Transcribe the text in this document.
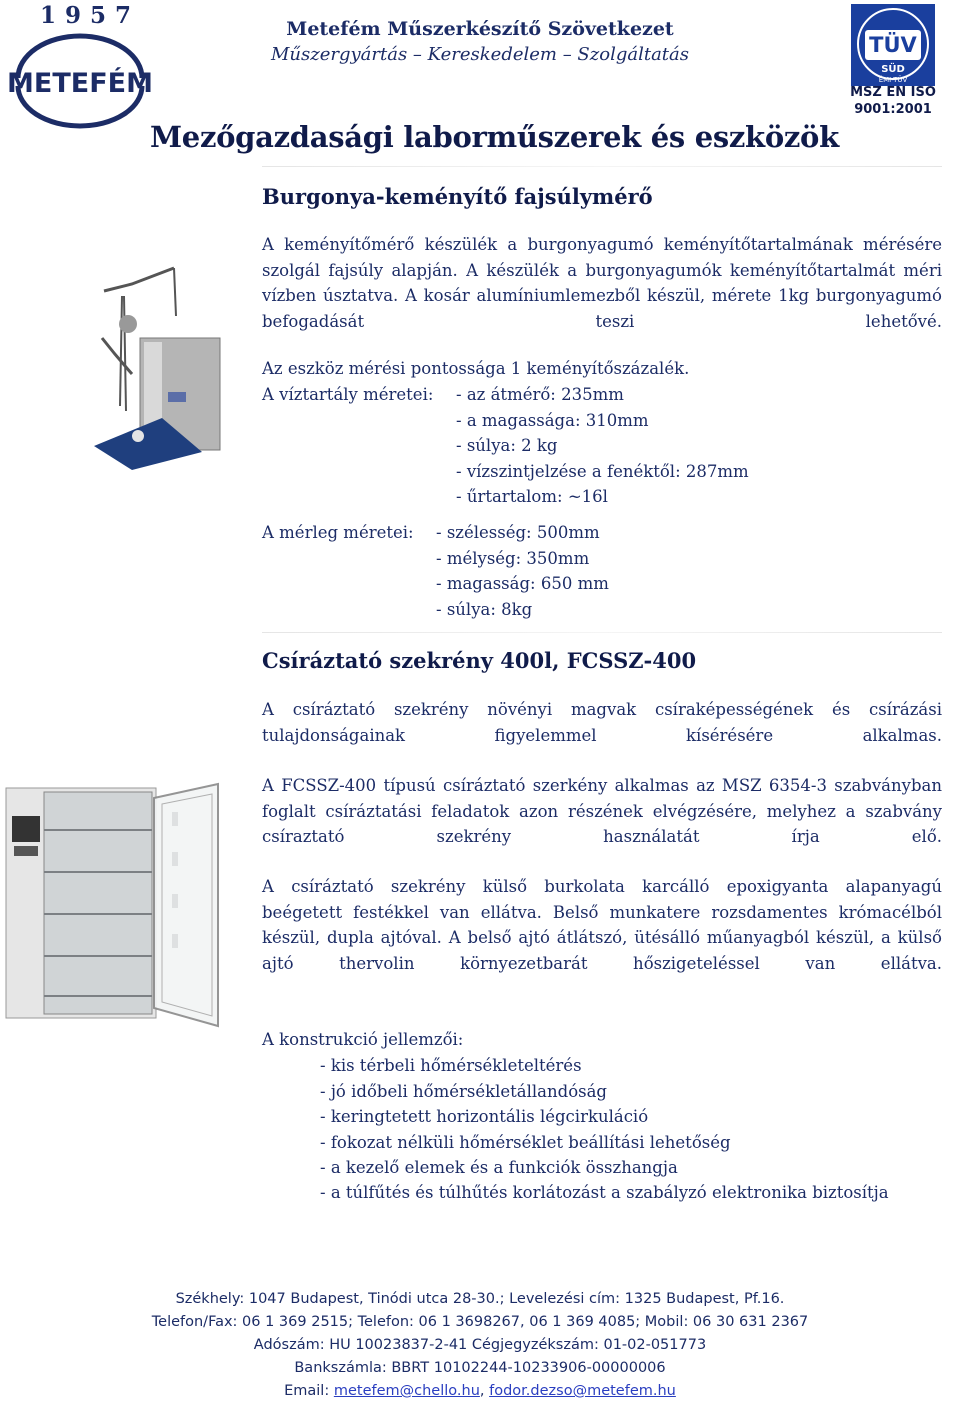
1957
METEFÉM
Metefém Műszerkészítő Szövetkezet
Műszergyártás – Kereskedelem – Szolgáltatás	TÜV
SÜD
ÉMI-TÜV
MSZ EN ISO
9001:2001
Mezőgazdasági laborműszerek és eszközök
Burgonya-keményítő fajsúlymérő
A keményítőmérő készülék a burgonyagumó keményítőtartalmának mérésére szolgál fajsúly alapján. A készülék a burgonyagumók keményítőtartalmát méri vízben úsztatva. A kosár alumíniumlemezből készül, mérete 1kg burgonyagumó befogadását teszi lehetővé.
Az eszköz mérési pontossága 1 keményítőszázalék.
A víztartály méretei: - az átmérő: 235mm
- a magassága: 310mm
- súlya: 2 kg
- vízszintjelzése a fenéktől: 287mm
- űrtartalom: ~16l
A mérleg méretei: - szélesség: 500mm
- mélység: 350mm
- magasság: 650 mm
- súlya: 8kg
Csíráztató szekrény 400l, FCSSZ-400
A csíráztató szekrény növényi magvak csíraképességének és csírázási tulajdonságainak figyelemmel kísérésére alkalmas.
A FCSSZ-400 típusú csíráztató szerkény alkalmas az MSZ 6354-3 szabványban foglalt csíráztatási feladatok azon részének elvégzésére, melyhez a szabvány csíraztató szekrény használatát írja elő.
A csíráztató szekrény külső burkolata karcálló epoxigyanta alapanyagú beégetett festékkel van ellátva. Belső munkatere rozsdamentes krómacélból készül, dupla ajtóval. A belső ajtó átlátszó, ütésálló műanyagból készül, a külső ajtó thervolin környezetbarát hőszigeteléssel van ellátva.
A konstrukció jellemzői:
- kis térbeli hőmérsékleteltérés
- jó időbeli hőmérsékletállandóság
- keringtetett horizontális légcirkuláció
- fokozat nélküli hőmérséklet beállítási lehetőség
- a kezelő elemek és a funkciók összhangja
- a túlfűtés és túlhűtés korlátozást a szabályzó elektronika biztosítja
Székhely: 1047 Budapest, Tinódi utca 28-30.; Levelezési cím: 1325 Budapest, Pf.16.
Telefon/Fax: 06 1 369 2515; Telefon: 06 1 3698267, 06 1 369 4085; Mobil: 06 30 631 2367
Adószám: HU 10023837-2-41 Cégjegyzékszám: 01-02-051773
Bankszámla: BBRT 10102244-10233906-00000006
Email: metefem@chello.hu, fodor.dezso@metefem.hu
